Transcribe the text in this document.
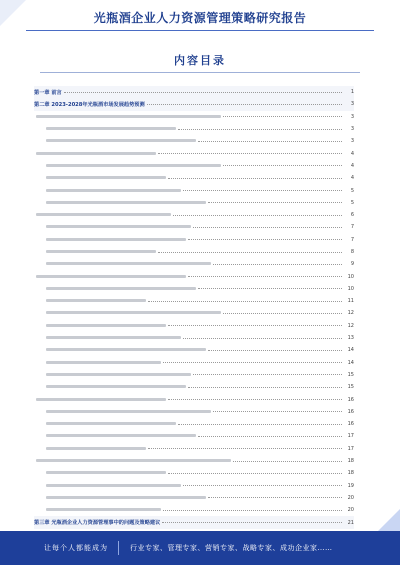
光瓶酒企业人力资源管理策略研究报告
内容目录
第一章 前言	1
第二章 2023-2028年光瓶酒市场发展趋势预测	3
3
3
3
4
4
4
5
5
6
7
7
8
9
10
10
11
12
12
13
14
14
15
15
16
16
16
17
17
18
18
19
20
20
第三章 光瓶酒企业人力资源管理事中的问题及策略建议	21
让每个人都能成为	行业专家、管理专家、营销专家、战略专家、成功企业家……
